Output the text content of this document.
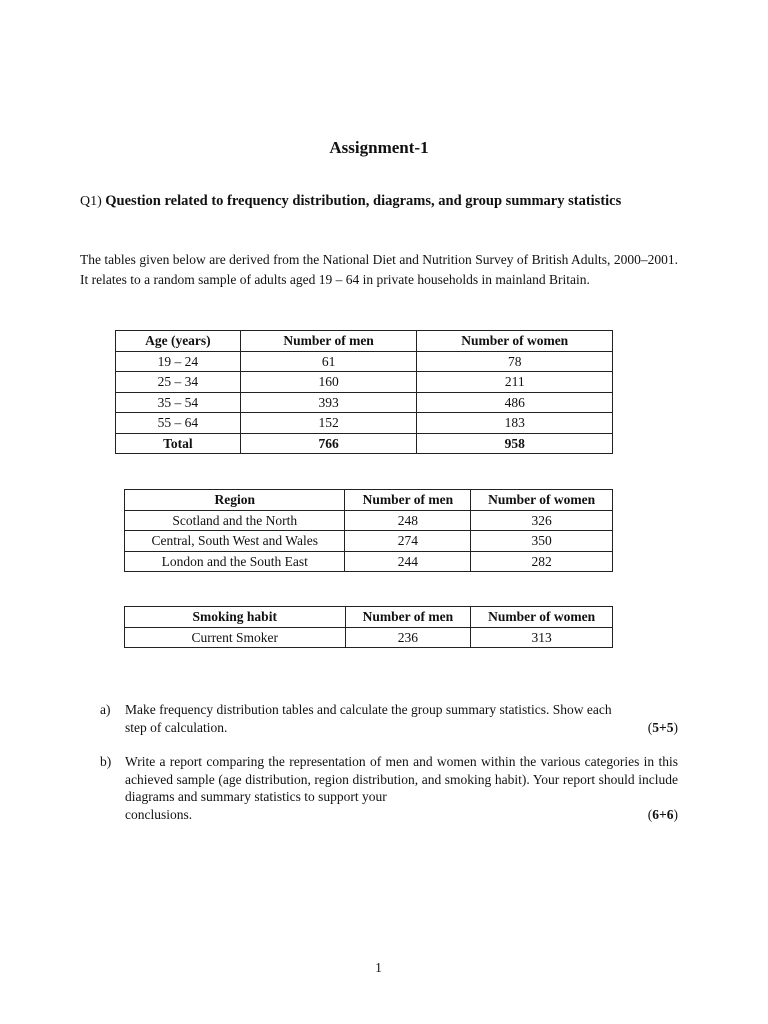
Assignment-1
Q1) Question related to frequency distribution, diagrams, and group summary statistics
The tables given below are derived from the National Diet and Nutrition Survey of British Adults, 2000–2001. It relates to a random sample of adults aged 19 – 64 in private households in mainland Britain.
Age (years)	Number of men	Number of women
19 – 24	61	78
25 – 34	160	211
35 – 54	393	486
55 – 64	152	183
Total	766	958
Region	Number of men	Number of women
Scotland and the North	248	326
Central, South West and Wales	274	350
London and the South East	244	282
Smoking habit	Number of men	Number of women
Current Smoker	236	313
a) Make frequency distribution tables and calculate the group summary statistics. Show each
step of calculation.	(5+5)
b) Write a report comparing the representation of men and women within the various categories in this achieved sample (age distribution, region distribution, and smoking habit). Your report should include diagrams and summary statistics to support your
conclusions.	(6+6)
1
